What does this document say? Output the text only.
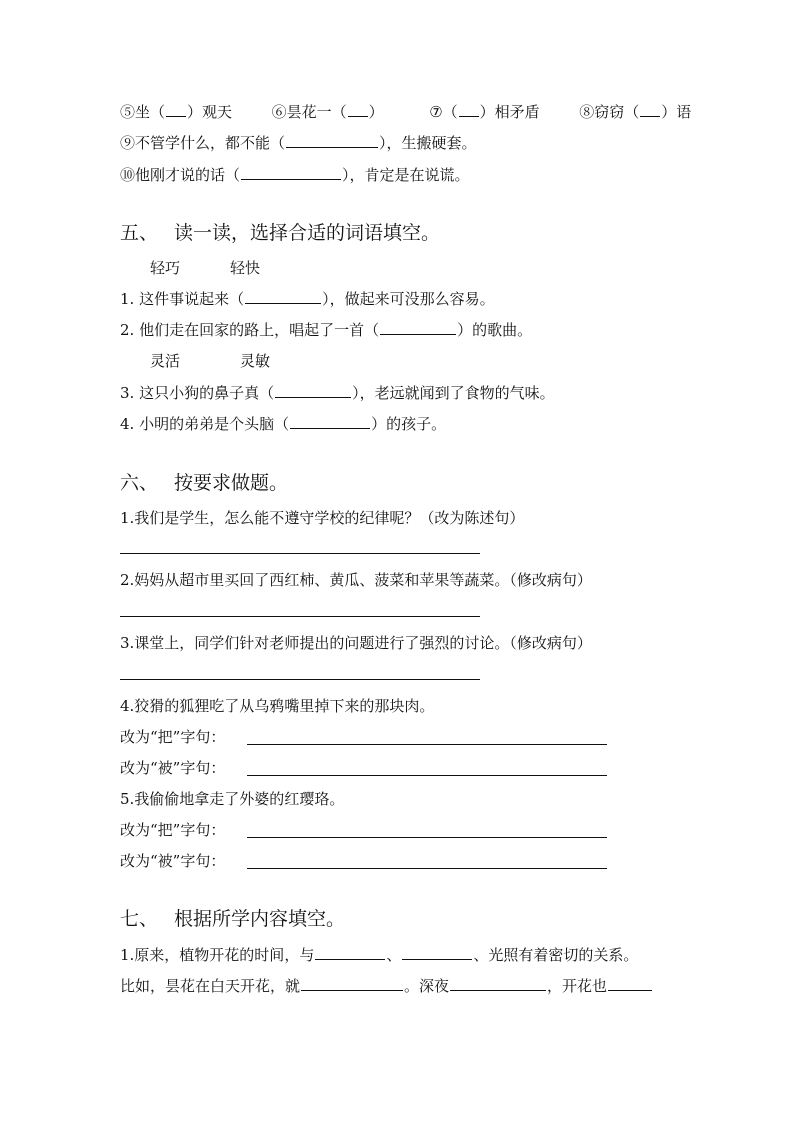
⑤坐（ ）观天	⑥昙花一（ ）	⑦（ ）相矛盾	⑧窃窃（ ）语
⑨不管学什么，都不能（	），生搬硬套。
⑩他刚才说的话（	），肯定是在说谎。
五、 读一读，选择合适的词语填空。
轻巧	轻快
1. 这件事说起来（	），做起来可没那么容易。
2. 他们走在回家的路上，唱起了一首（	）的歌曲。
灵活	灵敏
3. 这只小狗的鼻子真（	），老远就闻到了食物的气味。
4. 小明的弟弟是个头脑（	）的孩子。
六、 按要求做题。
1.我们是学生，怎么能不遵守学校的纪律呢？（改为陈述句）
2.妈妈从超市里买回了西红柿、黄瓜、菠菜和苹果等蔬菜。（修改病句）
3.课堂上，同学们针对老师提出的问题进行了强烈的讨论。（修改病句）
4.狡猾的狐狸吃了从乌鸦嘴里掉下来的那块肉。
改为“把”字句：
改为“被”字句：
5.我偷偷地拿走了外婆的红璎珞。
改为“把”字句：
改为“被”字句：
七、 根据所学内容填空。
1.原来，植物开花的时间，与	、	、光照有着密切的关系。
比如，昙花在白天开花，就	。深夜	，开花也
